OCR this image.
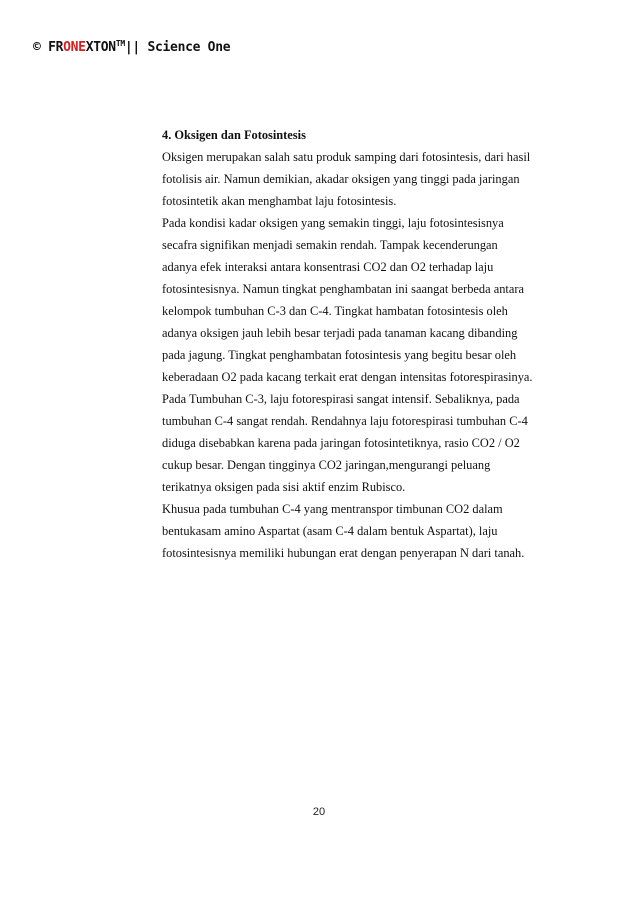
© FRONEXTON™|| Science One

4. Oksigen dan Fotosintesis

Oksigen merupakan salah satu produk samping dari fotosintesis, dari hasil

fotolisis air. Namun demikian, akadar oksigen yang tinggi pada jaringan

fotosintetik akan menghambat laju fotosintesis.

Pada kondisi kadar oksigen yang semakin tinggi, laju fotosintesisnya

secafra signifikan menjadi semakin rendah. Tampak kecenderungan

adanya efek interaksi antara konsentrasi CO2 dan O2 terhadap laju

fotosintesisnya. Namun tingkat penghambatan ini saangat berbeda antara

kelompok tumbuhan C-3 dan C-4. Tingkat hambatan fotosintesis oleh

adanya oksigen jauh lebih besar terjadi pada tanaman kacang dibanding

pada jagung. Tingkat penghambatan fotosintesis yang begitu besar oleh

keberadaan O2 pada kacang terkait erat dengan intensitas fotorespirasinya.

Pada Tumbuhan C-3, laju fotorespirasi sangat intensif. Sebaliknya, pada

tumbuhan C-4 sangat rendah. Rendahnya laju fotorespirasi tumbuhan C-4

diduga disebabkan karena pada jaringan fotosintetiknya, rasio CO2 / O2

cukup besar. Dengan tingginya CO2 jaringan,mengurangi peluang

terikatnya oksigen pada sisi aktif enzim Rubisco.

Khusua pada tumbuhan C-4 yang mentranspor timbunan CO2 dalam

bentukasam amino Aspartat (asam C-4 dalam bentuk Aspartat), laju

fotosintesisnya memiliki hubungan erat dengan penyerapan N dari tanah.

20
